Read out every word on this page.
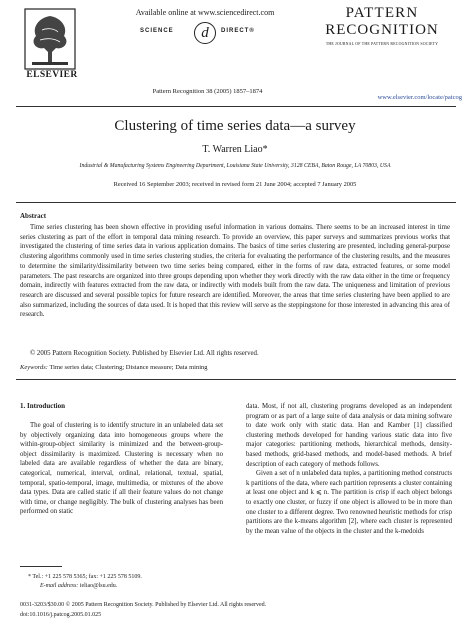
ELSEVIER
Available online at www.sciencedirect.com
SCIENCE	d	DIRECT®
Pattern Recognition 38 (2005) 1857–1874
PATTERN
RECOGNITION
THE JOURNAL OF THE PATTERN RECOGNITION SOCIETY
www.elsevier.com/locate/patcog
Clustering of time series data—a survey
T. Warren Liao*
Industrial & Manufacturing Systems Engineering Department, Louisiana State University, 3128 CEBA, Baton Rouge, LA 70803, USA
Received 16 September 2003; received in revised form 21 June 2004; accepted 7 January 2005
Abstract
Time series clustering has been shown effective in providing useful information in various domains. There seems to be an increased interest in time series clustering as part of the effort in temporal data mining research. To provide an overview, this paper surveys and summarizes previous works that investigated the clustering of time series data in various application domains. The basics of time series clustering are presented, including general-purpose clustering algorithms commonly used in time series clustering studies, the criteria for evaluating the performance of the clustering results, and the measures to determine the similarity/dissimilarity between two time series being compared, either in the forms of raw data, extracted features, or some model parameters. The past researchs are organized into three groups depending upon whether they work directly with the raw data either in the time or frequency domain, indirectly with features extracted from the raw data, or indirectly with models built from the raw data. The uniqueness and limitation of previous research are discussed and several possible topics for future research are identified. Moreover, the areas that time series clustering have been applied to are also summarized, including the sources of data used. It is hoped that this review will serve as the steppingstone for those interested in advancing this area of research.
© 2005 Pattern Recognition Society. Published by Elsevier Ltd. All rights reserved.
Keywords: Time series data; Clustering; Distance measure; Data mining
1. Introduction
The goal of clustering is to identify structure in an unlabeled data set by objectively organizing data into homogeneous groups where the within-group-object similarity is minimized and the between-group-object dissimilarity is maximized. Clustering is necessary when no labeled data are available regardless of whether the data are binary, categorical, numerical, interval, ordinal, relational, textual, spatial, temporal, spatio-temporal, image, multimedia, or mixtures of the above data types. Data are called static if all their feature values do not change with time, or change negligibly. The bulk of clustering analyses has been performed on static

data. Most, if not all, clustering programs developed as an independent program or as part of a large suite of data analysis or data mining software to date work only with static data. Han and Kamber [1] classified clustering methods developed for handing various static data into five major categories: partitioning methods, hierarchical methods, density-based methods, grid-based methods, and model-based methods. A brief description of each category of methods follows.

Given a set of n unlabeled data tuples, a partitioning method constructs k partitions of the data, where each partition represents a cluster containing at least one object and k ⩽ n. The partition is crisp if each object belongs to exactly one cluster, or fuzzy if one object is allowed to be in more than one cluster to a different degree. Two renowned heuristic methods for crisp partitions are the k-means algorithm [2], where each cluster is represented by the mean value of the objects in the cluster and the k-medoids

* Tel.: +1 225 578 5365; fax: +1 225 578 5109.
E-mail address: ieliao@lsu.edu.
0031-3203/$30.00 © 2005 Pattern Recognition Society. Published by Elsevier Ltd. All rights reserved.
doi:10.1016/j.patcog.2005.01.025
